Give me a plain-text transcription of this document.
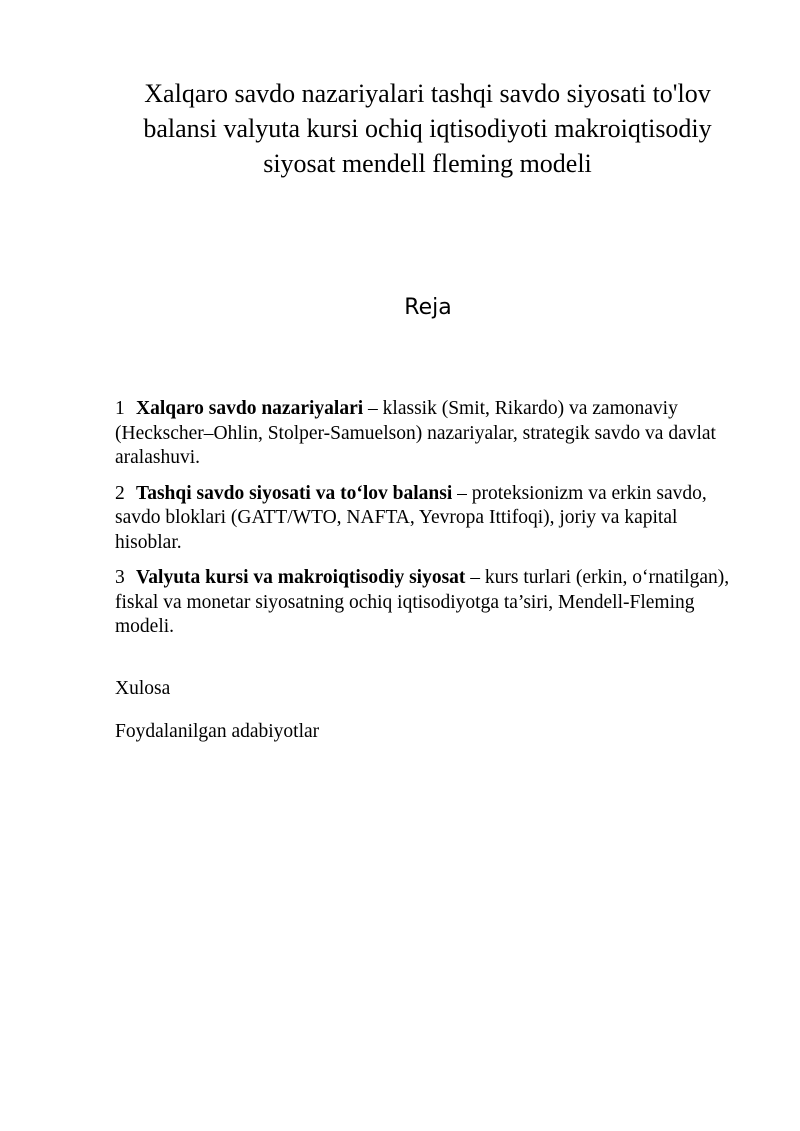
Xalqaro savdo nazariyalari tashqi savdo siyosati to'lov balansi valyuta kursi ochiq iqtisodiyoti makroiqtisodiy siyosat mendell fleming modeli
Reja
1 Xalqaro savdo nazariyalari – klassik (Smit, Rikardo) va zamonaviy (Heckscher–Ohlin, Stolper-Samuelson) nazariyalar, strategik savdo va davlat aralashuvi.
2 Tashqi savdo siyosati va to‘lov balansi – proteksionizm va erkin savdo, savdo bloklari (GATT/WTO, NAFTA, Yevropa Ittifoqi), joriy va kapital hisoblar.
3 Valyuta kursi va makroiqtisodiy siyosat – kurs turlari (erkin, o‘rnatilgan), fiskal va monetar siyosatning ochiq iqtisodiyotga ta’siri, Mendell-Fleming modeli.

Xulosa

Foydalanilgan adabiyotlar
